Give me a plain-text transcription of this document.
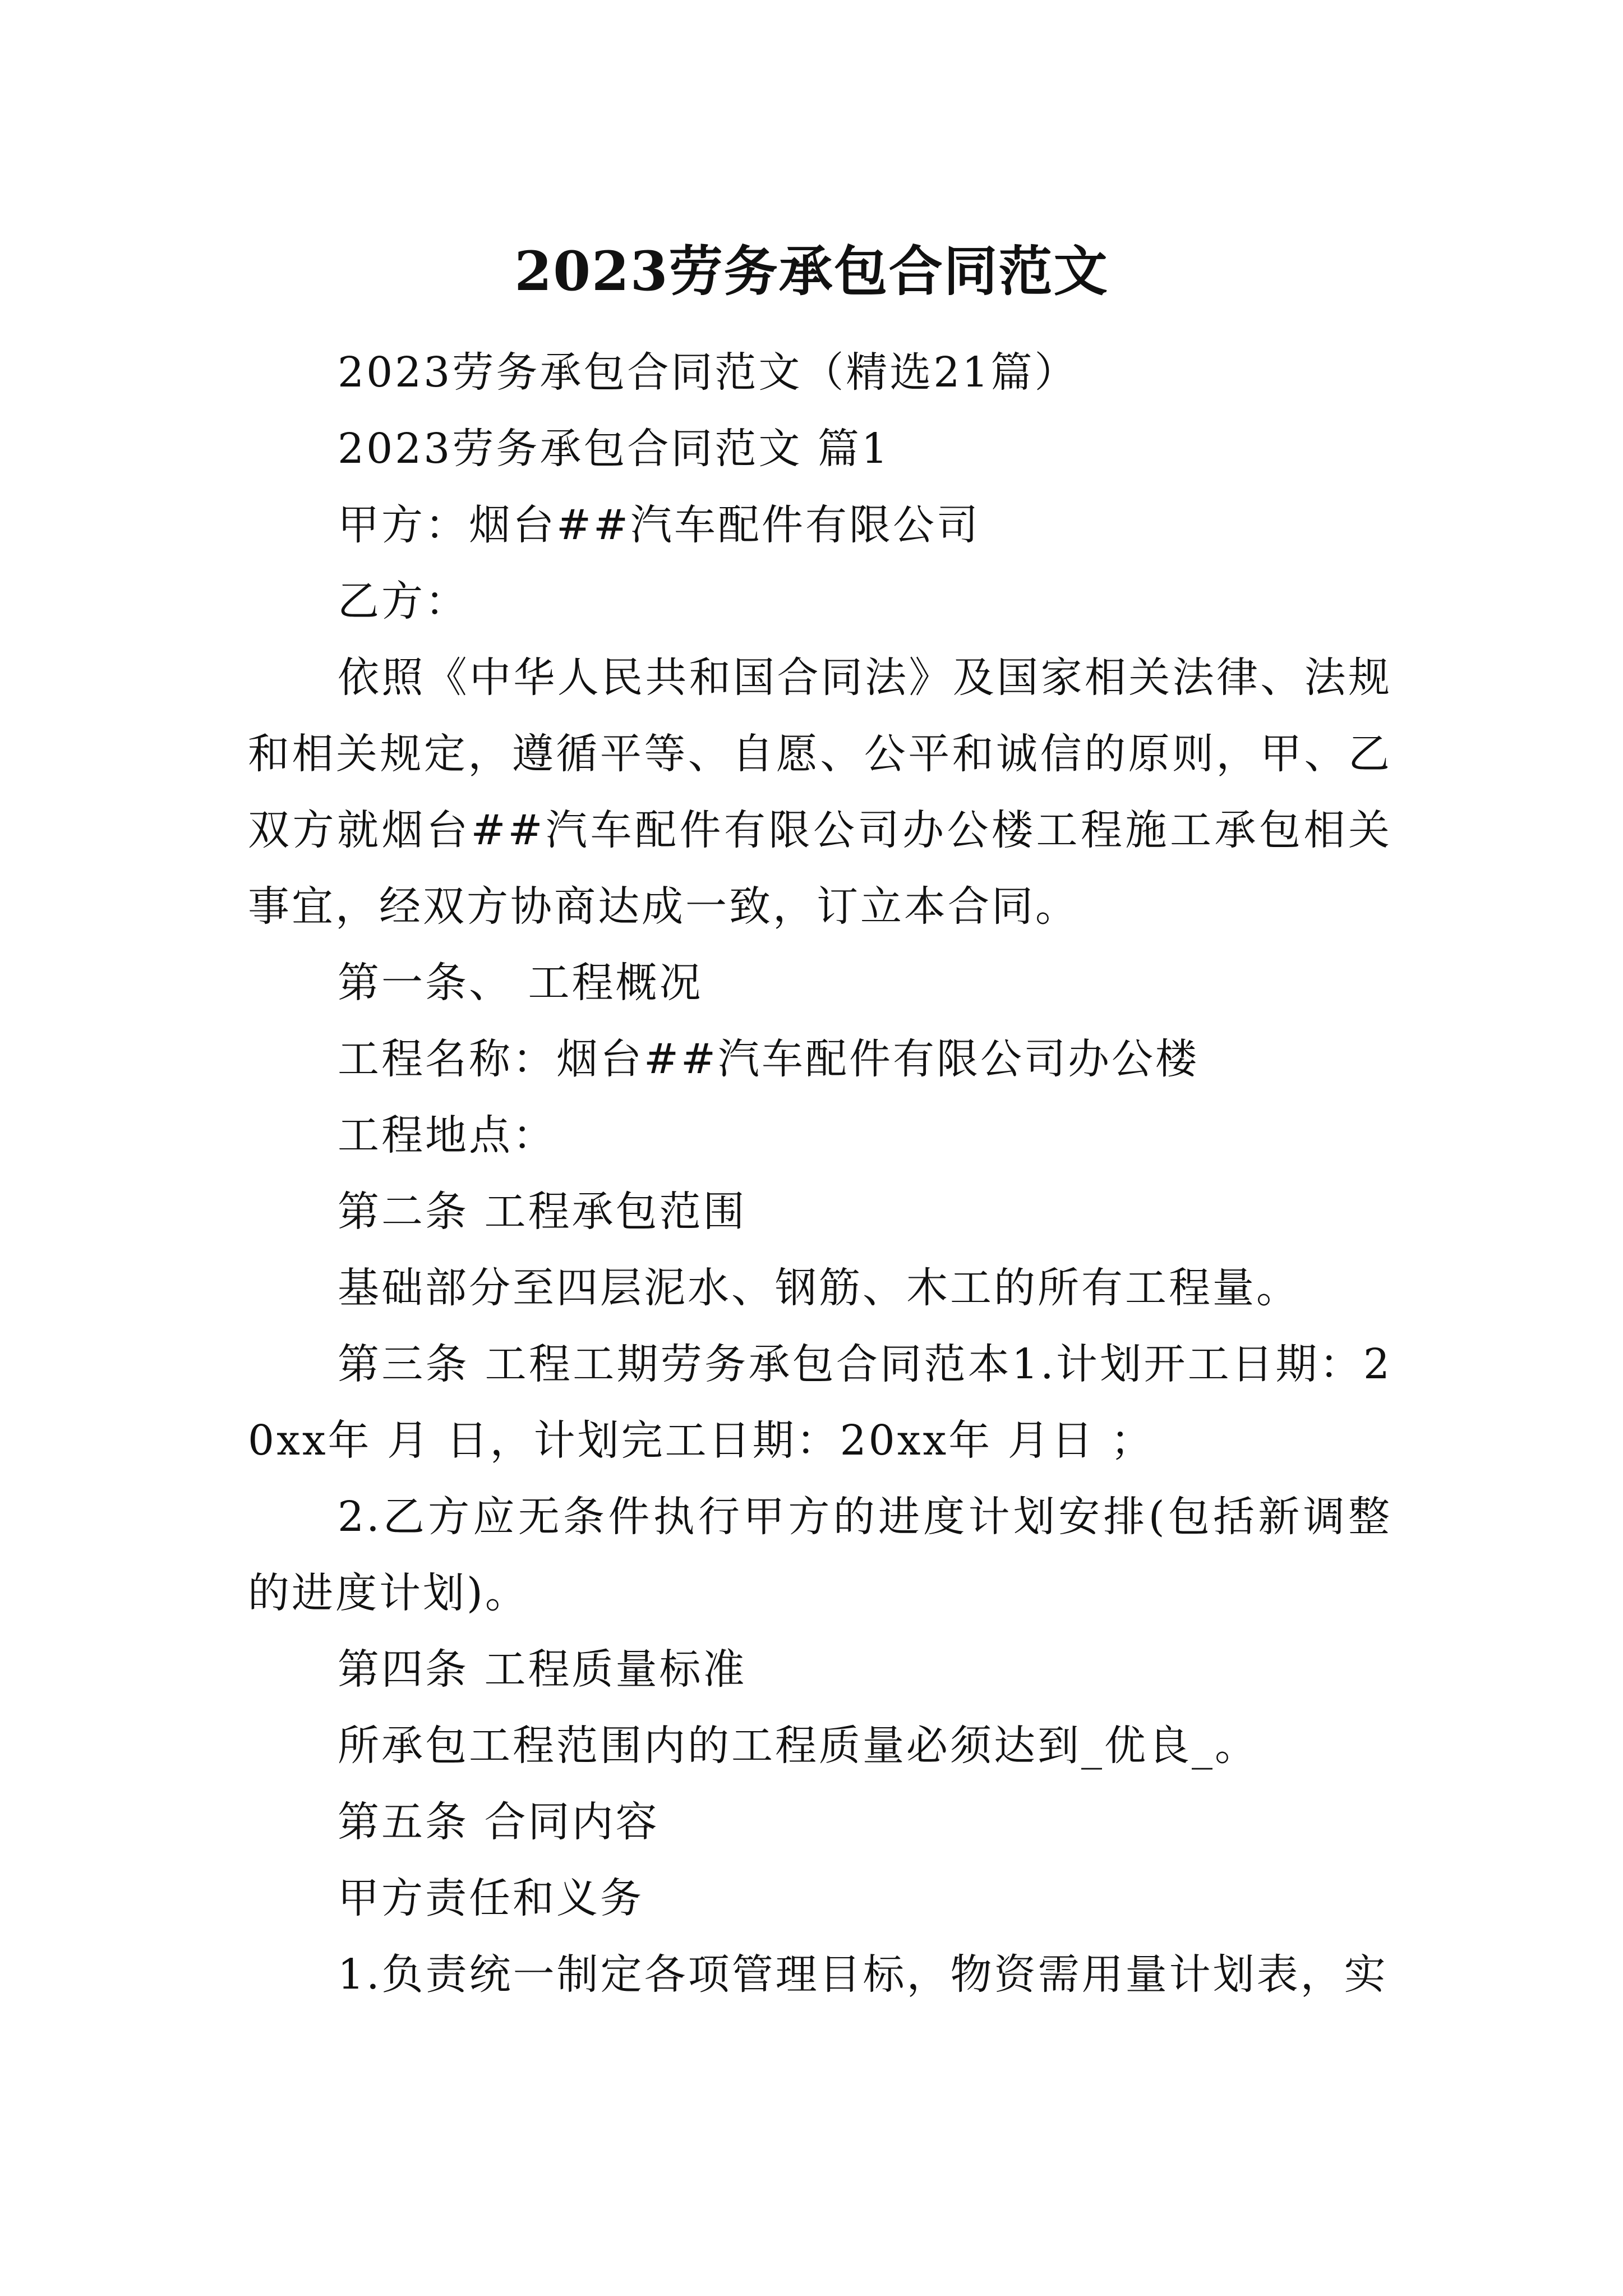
2023劳务承包合同范文

2023劳务承包合同范文（精选21篇）

2023劳务承包合同范文 篇1

甲方：烟台##汽车配件有限公司

乙方：

依照《中华人民共和国合同法》及国家相关法律、法规和相关规定，遵循平等、自愿、公平和诚信的原则，甲、乙双方就烟台##汽车配件有限公司办公楼工程施工承包相关事宜，经双方协商达成一致，订立本合同。

第一条、 工程概况

工程名称：烟台##汽车配件有限公司办公楼

工程地点：

第二条 工程承包范围

基础部分至四层泥水、钢筋、木工的所有工程量。

第三条 工程工期劳务承包合同范本1.计划开工日期：20xx年 月 日，计划完工日期：20xx年 月日 ；

2.乙方应无条件执行甲方的进度计划安排(包括新调整的进度计划)。

第四条 工程质量标准

所承包工程范围内的工程质量必须达到_优良_。

第五条 合同内容

甲方责任和义务

1.负责统一制定各项管理目标，物资需用量计划表，实
